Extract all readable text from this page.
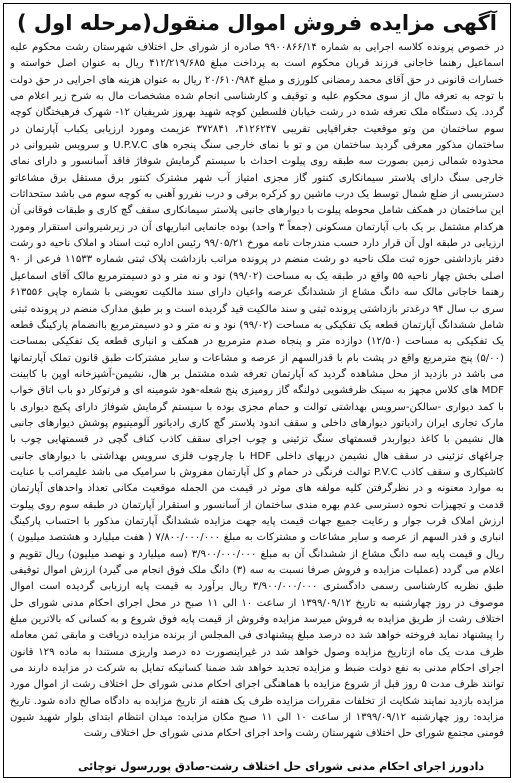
آگهی مزایده فروش اموال منقول(مرحله اول )
در خصوص پرونده کلاسه اجرایی به شماره ۹۹۰۰۸۶۶/۱۴ صادره از شورای حل اختلاف شهرستان رشت محکوم علیه اسماعیل رهنما خاجانی فرزند قربان محکوم است به پرداخت مبلغ ۴۱۲/۲۱۹/۶۸۵ ریال به عنوان اصل خواسته و خسارات قانونی در حق آقای محمد رمضانی کلورزی و مبلغ ۲۰/۶۱۰/۹۸۴ ریال به عنوان هزینه های اجرایی در حق دولت با توجه به تعرفه مال از سوی محکوم علیه و توقیف و کارشناسی انجام شده مشخصات مال به شرح زیر اعلام می گردد. یک دستگاه ملک تعرفه شده در رشت خیابان فلسطین کوچه شهید بهروز شریفیان ۱۲- شهرک فرهیختگان کوچه سوم ساختمان من وتو موقعیت جغرافیایی تقریبی ۴۱۲۶۲۴۷، ۳۷۲۸۴۱ عزیمت ومورد ارزیابی یکباب آپارتمان در ساختمان مذکور معرفی گردید ساختمان من و تو با نمای خارجی سنگ پنجره های U.P.V.C و سرویس شیروانی در محدوده شمالی زمین بصورت سه طبقه روی پیلوت احداث با سیستم گرمایش شوفاژ فاقد آسانسور و دارای نمای خارجی سنگ دارای پلاستر سیمانکاری کنتور گاز مجزی امتیاز آب شهر مشترک کنتور برق مستقل برق مشاعاتو دستربسی از ضلع شمال توسط یک درب ماشین رو کرکره برقی و درب نفررو آهنی به کوچه سوم می باشد ستحداثات این ساختمان در همکف شامل محوطه پیلوت با دیوارهای جانبی پلاستر سیمانکاری سقف گچ کاری و طبقات فوقانی آن هرکدام مشتمل بر یک باب آپارتمان مسکونی (جمعاً ۳ واحد) بوده جانمایی انباریهای آن در زیرشیروانی استقرار ومورد ارزیابی در طبقه اول آن قرار دارد حسب مندرجات نامه مورخ ۹۹/۰۵/۲۱ رئیس اداره ثبت اسناد و املاک ناحیه دو رشت دفتر بازداشتی حوزه ثبت ملک ناحیه دو رشت منضم در پرونده مراتب بازداشت پلاک ثبتی شماره ۱۱۵۳۳ فرعی از ۹۰ اصلی بخش چهار ناحیه ۵۵ واقع در طبقه یک به مساحت (۹۹/۰۲) نود و نه متر و دو دسیمترمربع مالک آقای اسماعیل رهنما خاجانی مالک سه دانگ مشاع از ششدانگ عرصه واعیان دارای سند مالکیت تعویضی با شماره چاپی ۶۱۳۵۵۶ سری ب سال ۹۴ درغدتر بازداشتی پرونده ثبتی و سند مالکیت قید گردیده است و بر طبق مدارک منضم در پرونده ثبتی شامل ششدانگ آپارتمان قطعه یک تفکیکی به مساحت (۹۹/۰۲) نود و نه متر و دو دسیمترمربع باانضمام پارکینگ قطعه یک تفکیکی به مساحت (۱۲/۵۰) دوازده متر و پنجاه صدم مترمربع در همکف و انباری قطعه یک تفکیکی بمساحت (۵/۰۰) پنج مترمربع واقع در پشت بام با قدرالسهم از عرصه و مشاعات و سایر مشترکات طبق قانون تملک آپارتمانها می باشد در بازدید از محل مشاهده گردید که آپارتمان تعرفه شده مشتمل بر هال، نشیمن-آشپزخانه اوپن با کابینت MDF های کلاس مجهز به سینک ظرفشویی دولنگه گاز رومیزی پنج شعله-هود شومینه ای و فرتوکار دو باب اتاق خواب با کمد دیواری -سالکن-سرویس بهداشتی توالت و حمام مجزی بوده با سیستم گرمایش شوفاژ دارای پکیج دیواری با مارک تجاری ایران رادیاتور دیوارهای داخلی و سقف اندود پلاستر گچ کاری رادیاتور آلومینیوم پوشش دیوارهای جانبی هال نشیمن با کاغذ دیواربدر قسمتهای سنگ تزئینی و چوب اجرای سقف کاذب کناف گچی در قسمتهایی چوب با چراغهای تزئینی در سقف هال نشیمن دربهای داخلی HDF با چارچوب فلزی سرویس بهداشتی با دیوارهای جانبی کاشیکاری و سقف کاذب P.V.C توالت فرنگی در حمام و کل آپارتمان مفروش با سرامیک می باشد علیمراتب با عنایت به موارد معنونه و در نظرگرفتن کلیه مولفه های موثر در قیمت من الجمله موقعیت مکانی تعداد واحدهای آپارتمان قدمت و تجهیزات نحوه دسترسی عدم بهره مندی ساختمان از آسانسور و استقرار آپارتمان در طبقه سوم روی پیلوت ارزش املاک قرب جوار و رعایت جمیع جهات قیمت پایه جهت مزایده ششدانگ آپارتمان مذکور با احتساب پارکینگ انباری و قدر السهم از عرصه و سایر مشاعات و مشترکات به مبلغ ۷/۸۰۰/۰۰۰/۰۰۰ ( هفت میلیارد و هشتصد میلیون ) ریال و قیمت پایه سه دانگ مشاع از ششدانگ آن به مبلغ ۳/۹۰۰/۰۰۰/۰۰۰ (سه میلیارد و نهصد میلیون) ریال تقویم و اعلام می گردد (عملیات مزایده و فروش صرفا نسبت به سه (۳) دانگ ملک فوق انجام می گیرد) ارزش اموال توقیفی طبق نظریه کارشناسی رسمی دادگستری ۳/۹۰۰/۰۰۰/۰۰۰ ریال برآورد به قیمت پایه ارزیابی گردیده است اموال موصوف در روز چهارشنبه به تاریخ ۱۳۹۹/۰۹/۱۲ از ساعت ۱۰ الی ۱۱ صبح در محل اجرای احکام مدنی شورای حل اختلاف رشت از طریق مزایده به فروش میرسد مزایده وفروش از قیمت پایه فوق شروع و به کسانی که بالاترین مبلغ را پیشنهاد نماید فروخته خواهد شد ده درصد مبلغ پیشنهادی فی المجلس از برنده مزایده دریافت و مابقی ثمن معامله ظرف مدت یک ماه ازتاریخ مزایده وصول خواهد شد در غیراینصورت ده درصد واریزی مستندا به ماده ۱۲۹ قانون اجرای احکام مدنی به نفع دولت ضبط و مزایده تجدید خواهد شد ضمنا کسانیکه تمایل به شرکت در مزایده دارند می توانند ظرف مدت ۵ روز قبل از شروع مزایده با هماهنگی اجرای احکام مدنی شورای حل اختلاف رشت از اموال مورد مزایده بازدید نمایند شکایت از تخلفات مقررات مزایده ظرف یک هفته از تاریخ مزایده به دادگاه صالح داده شود. تاریخ مزایده: روز چهارشنبه ۱۳۹۹/۰۹/۱۲ از ساعت ۱۰ الی ۱۱ صبح مکان مزایده: میدان انتظام ابتدای بلوار شهید شیون فومنی مجتمع شورای حل اختلاف شهرستان رشت واحد اجرای احکام مدنی شورای حل اختلاف رشت
دادورز اجرای احکام مدنی شورای حل اختلاف رشت-صادق پوررسول توچائی
